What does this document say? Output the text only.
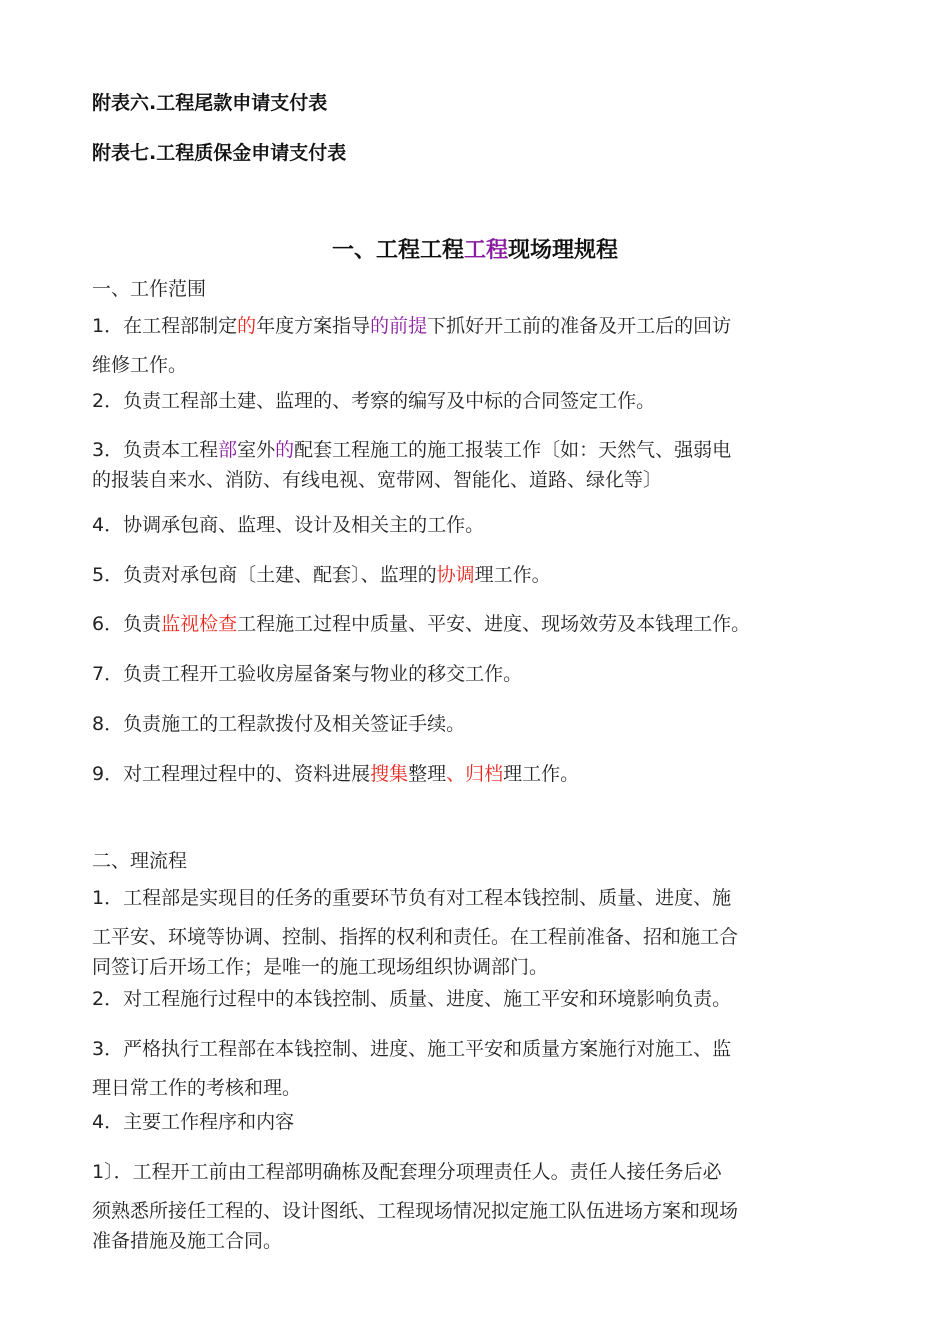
附表六.工程尾款申请支付表
附表七.工程质保金申请支付表
一、工程工程工程现场理规程
一、工作范围
1．在工程部制定的年度方案指导的前提下抓好开工前的准备及开工后的回访
维修工作。
2．负责工程部土建、监理的、考察的编写及中标的合同签定工作。
3．负责本工程部室外的配套工程施工的施工报装工作〔如：天然气、强弱电
的报装自来水、消防、有线电视、宽带网、智能化、道路、绿化等〕
4．协调承包商、监理、设计及相关主的工作。
5．负责对承包商〔土建、配套〕、监理的协调理工作。
6．负责监视检查工程施工过程中质量、平安、进度、现场效劳及本钱理工作。
7．负责工程开工验收房屋备案与物业的移交工作。
8．负责施工的工程款拨付及相关签证手续。
9．对工程理过程中的、资料进展搜集整理、归档理工作。
二、理流程
1．工程部是实现目的任务的重要环节负有对工程本钱控制、质量、进度、施
工平安、环境等协调、控制、指挥的权利和责任。在工程前准备、招和施工合
同签订后开场工作；是唯一的施工现场组织协调部门。
2．对工程施行过程中的本钱控制、质量、进度、施工平安和环境影响负责。
3．严格执行工程部在本钱控制、进度、施工平安和质量方案施行对施工、监
理日常工作的考核和理。
4．主要工作程序和内容
1〕．工程开工前由工程部明确栋及配套理分项理责任人。责任人接任务后必
须熟悉所接任工程的、设计图纸、工程现场情况拟定施工队伍进场方案和现场
准备措施及施工合同。
